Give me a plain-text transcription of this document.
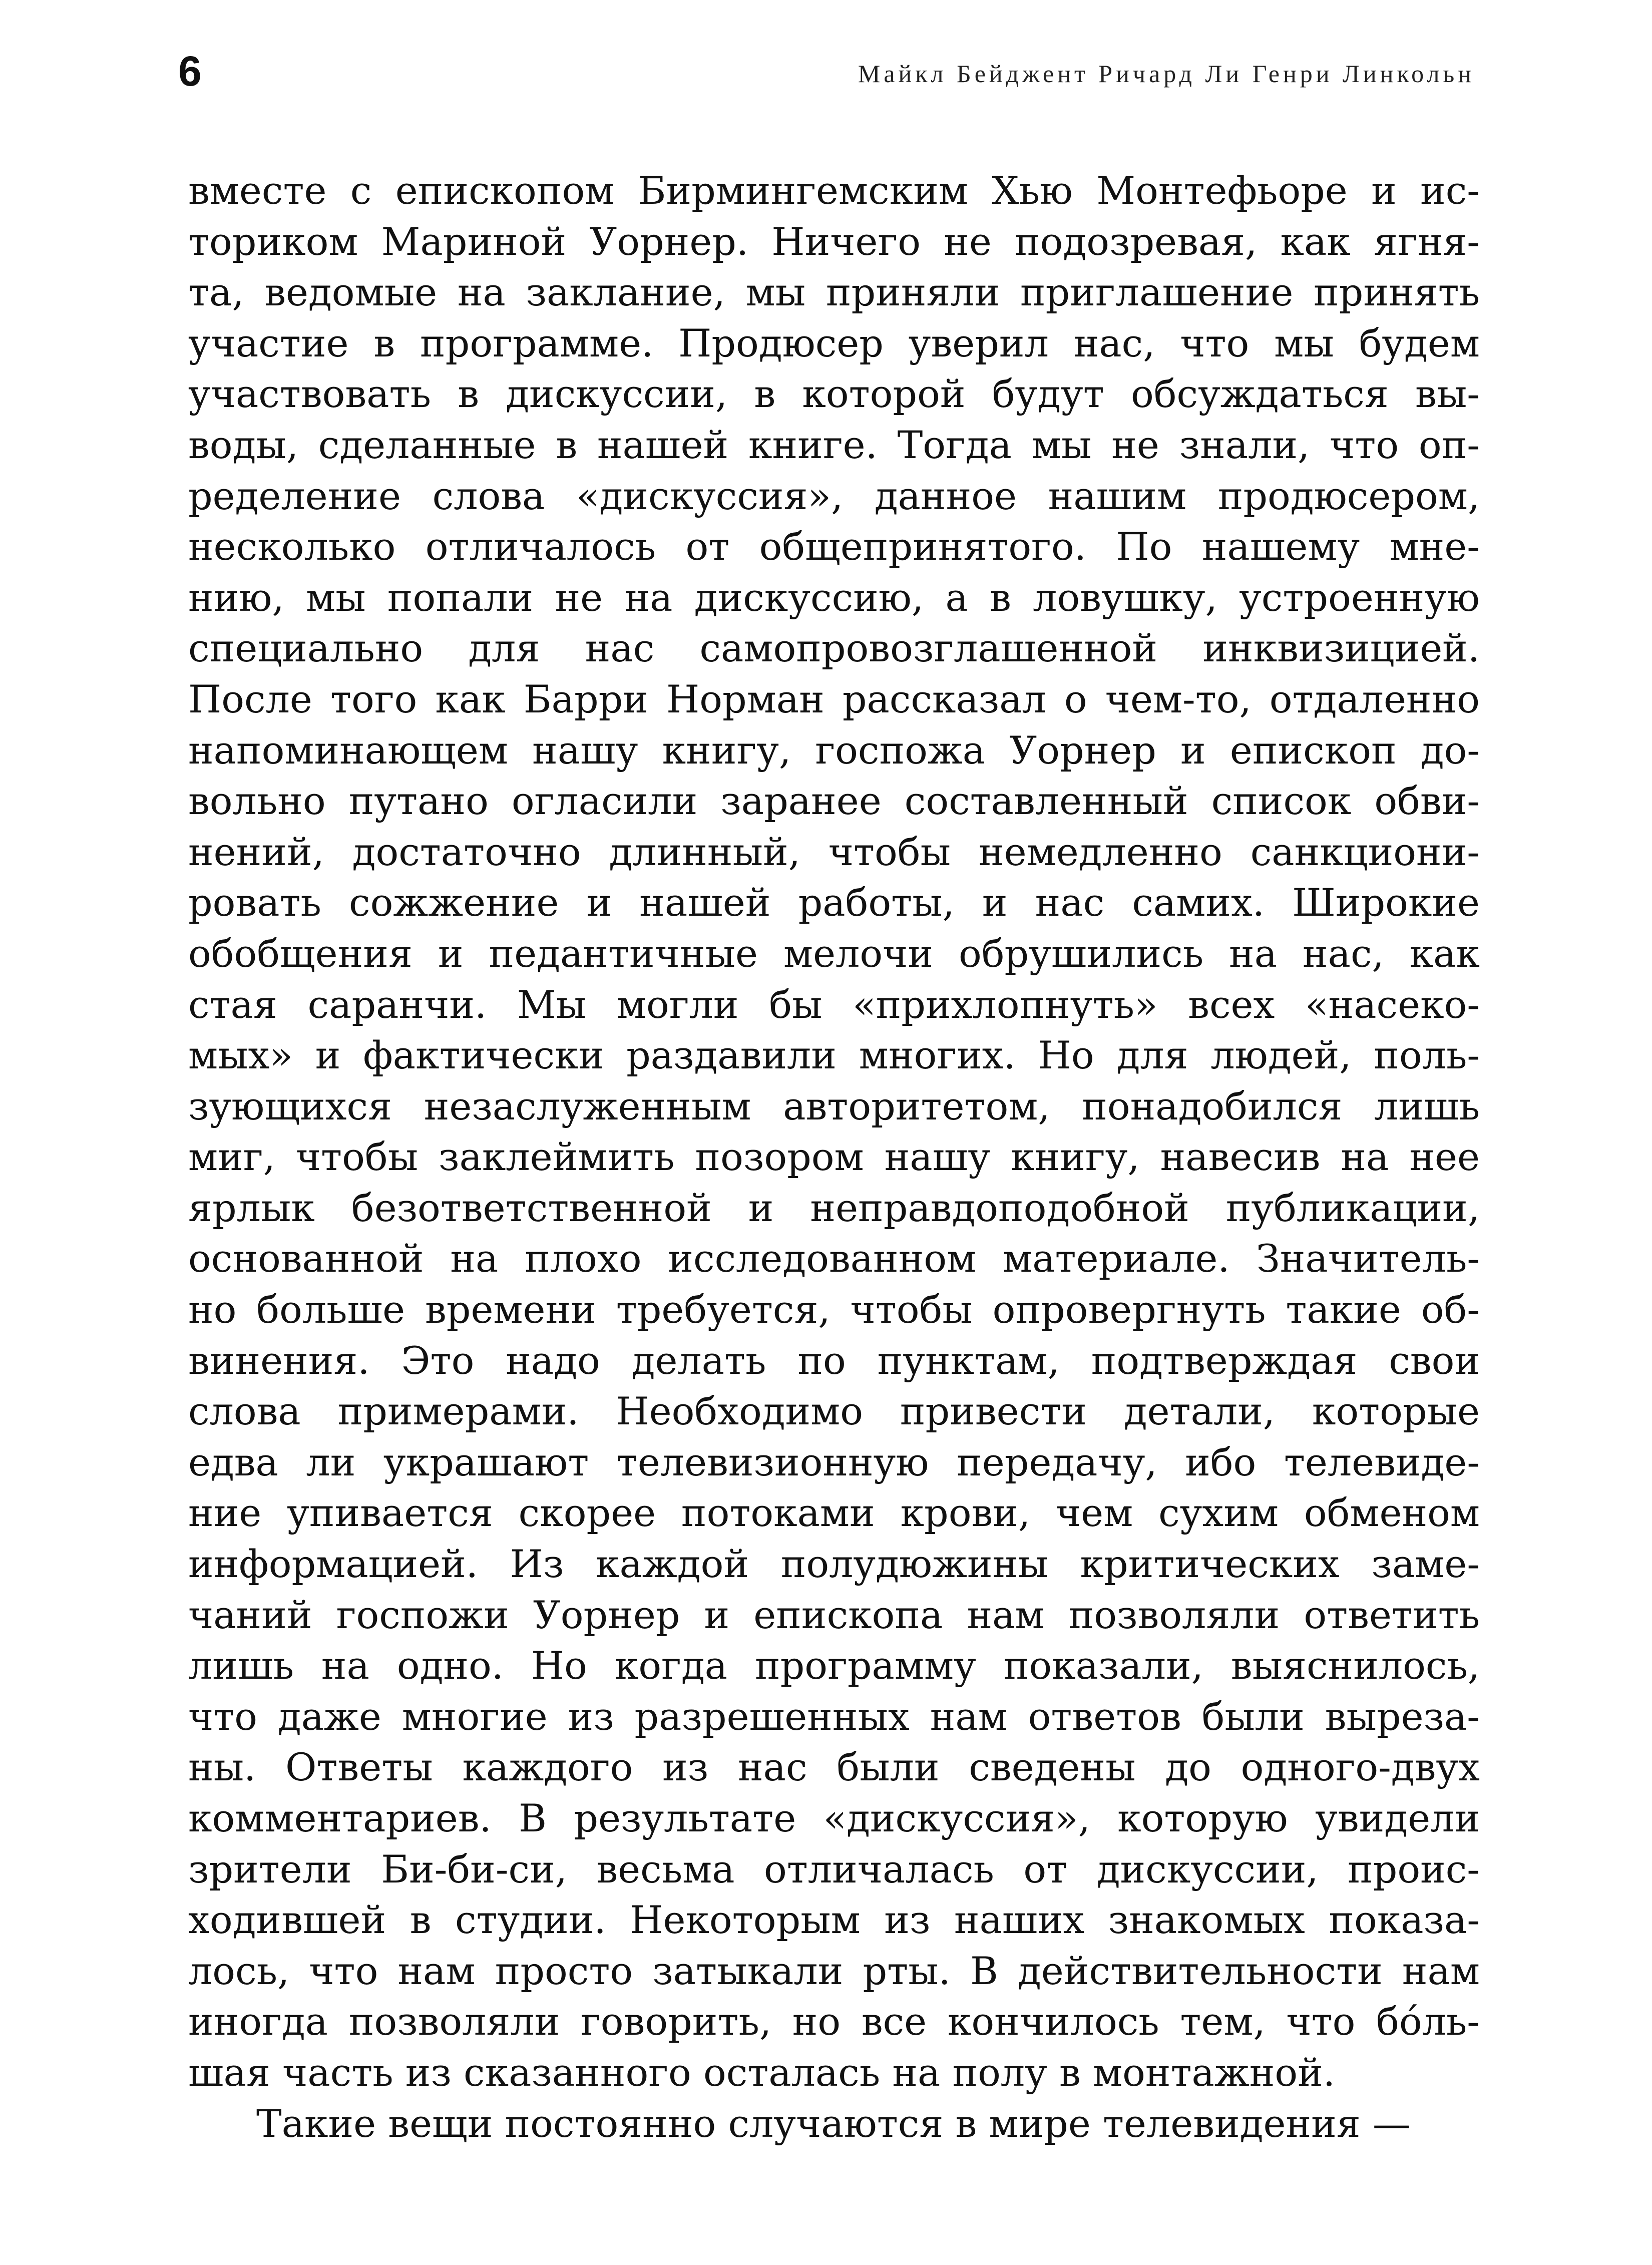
6	Майкл Бейджент Ричард Ли Генри Линкольн
вместе с епископом Бирмингемским Хью Монтефьоре и ис-
ториком Мариной Уорнер. Ничего не подозревая, как ягня-
та, ведомые на заклание, мы приняли приглашение принять
участие в программе. Продюсер уверил нас, что мы будем
участвовать в дискуссии, в которой будут обсуждаться вы-
воды, сделанные в нашей книге. Тогда мы не знали, что оп-
ределение слова «дискуссия», данное нашим продюсером,
несколько отличалось от общепринятого. По нашему мне-
нию, мы попали не на дискуссию, а в ловушку, устроенную
специально для нас самопровозглашенной инквизицией.
После того как Барри Норман рассказал о чем-то, отдаленно
напоминающем нашу книгу, госпожа Уорнер и епископ до-
вольно путано огласили заранее составленный список обви-
нений, достаточно длинный, чтобы немедленно санкциони-
ровать сожжение и нашей работы, и нас самих. Широкие
обобщения и педантичные мелочи обрушились на нас, как
стая саранчи. Мы могли бы «прихлопнуть» всех «насеко-
мых» и фактически раздавили многих. Но для людей, поль-
зующихся незаслуженным авторитетом, понадобился лишь
миг, чтобы заклеймить позором нашу книгу, навесив на нее
ярлык безответственной и неправдоподобной публикации,
основанной на плохо исследованном материале. Значитель-
но больше времени требуется, чтобы опровергнуть такие об-
винения. Это надо делать по пунктам, подтверждая свои
слова примерами. Необходимо привести детали, которые
едва ли украшают телевизионную передачу, ибо телевиде-
ние упивается скорее потоками крови, чем сухим обменом
информацией. Из каждой полудюжины критических заме-
чаний госпожи Уорнер и епископа нам позволяли ответить
лишь на одно. Но когда программу показали, выяснилось,
что даже многие из разрешенных нам ответов были выреза-
ны. Ответы каждого из нас были сведены до одного-двух
комментариев. В результате «дискуссия», которую увидели
зрители Би-би-си, весьма отличалась от дискуссии, проис-
ходившей в студии. Некоторым из наших знакомых показа-
лось, что нам просто затыкали рты. В действительности нам
иногда позволяли говорить, но все кончилось тем, что бóль-
шая часть из сказанного осталась на полу в монтажной.
Такие вещи постоянно случаются в мире телевидения —
